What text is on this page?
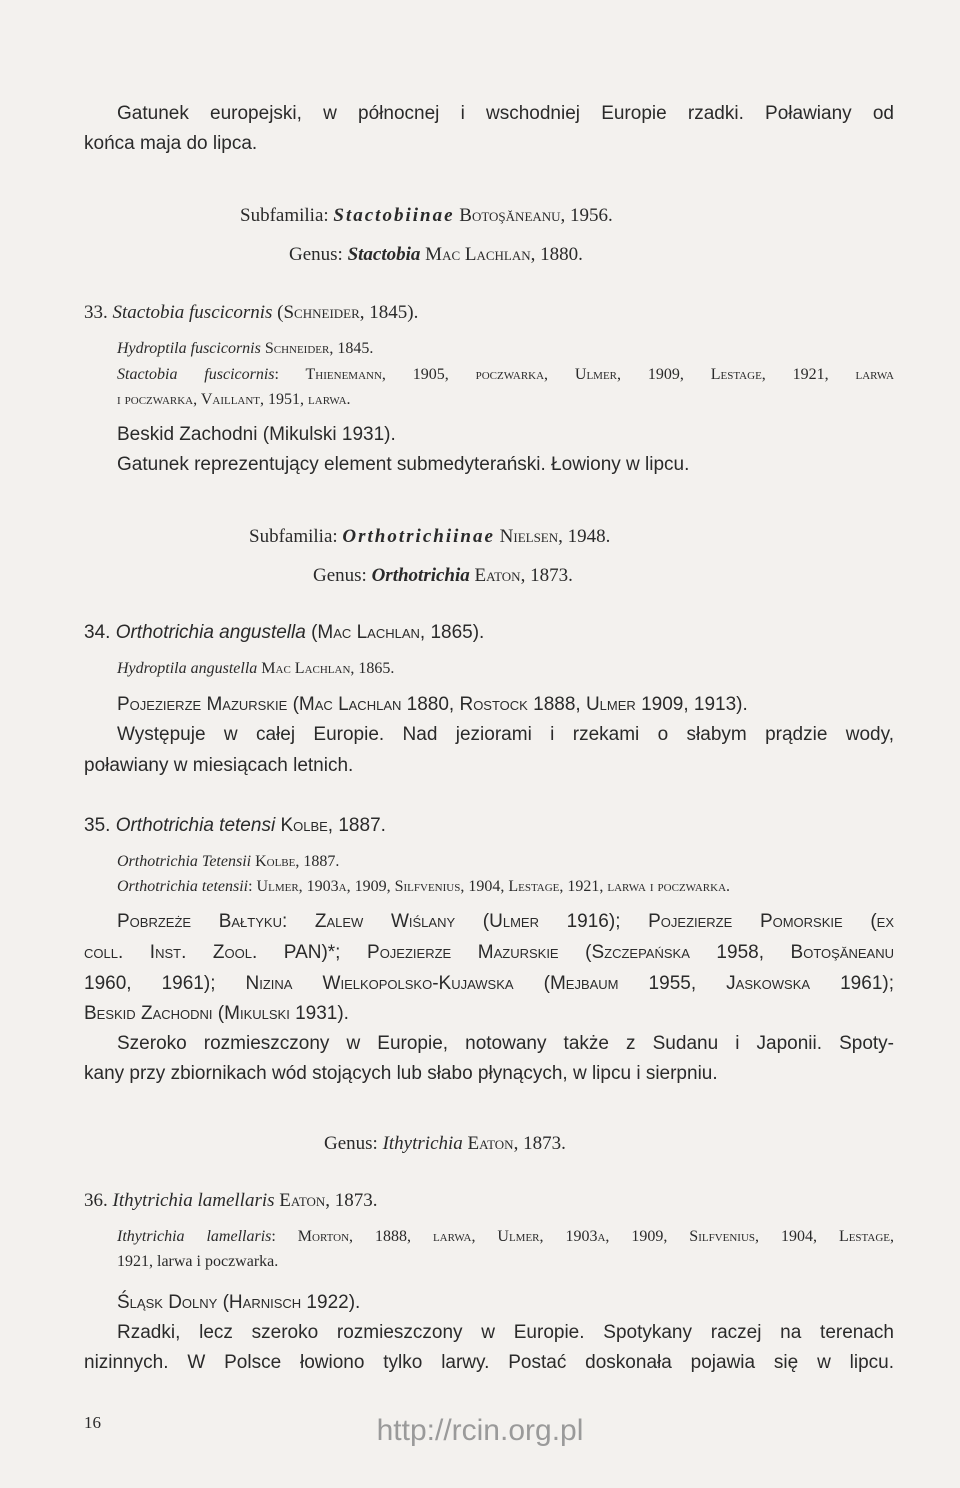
Gatunek europejski, w północnej i wschodniej Europie rzadki. Poławiany od
końca maja do lipca.
Subfamilia: Stactobiinae Botoşăneanu, 1956.
Genus: Stactobia Mac Lachlan, 1880.
33. Stactobia fuscicornis (Schneider, 1845).
Hydroptila fuscicornis Schneider, 1845.
Stactobia fuscicornis: Thienemann, 1905, poczwarka, Ulmer, 1909, Lestage, 1921, larwa
i poczwarka, Vaillant, 1951, larwa.
Beskid Zachodni (Mikulski 1931).
Gatunek reprezentujący element submedyterański. Łowiony w lipcu.
Subfamilia: Orthotrichiinae Nielsen, 1948.
Genus: Orthotrichia Eaton, 1873.
34. Orthotrichia angustella (Mac Lachlan, 1865).
Hydroptila angustella Mac Lachlan, 1865.
Pojezierze Mazurskie (Mac Lachlan 1880, Rostock 1888, Ulmer 1909, 1913).
Występuje w całej Europie. Nad jeziorami i rzekami o słabym prądzie wody,
poławiany w miesiącach letnich.
35. Orthotrichia tetensi Kolbe, 1887.
Orthotrichia Tetensii Kolbe, 1887.
Orthotrichia tetensii: Ulmer, 1903a, 1909, Silfvenius, 1904, Lestage, 1921, larwa i poczwarka.
Pobrzeże Bałtyku: Zalew Wiślany (Ulmer 1916); Pojezierze Pomorskie (ex
coll. Inst. Zool. PAN)*; Pojezierze Mazurskie (Szczepańska 1958, Botoşăneanu
1960, 1961); Nizina Wielkopolsko-Kujawska (Mejbaum 1955, Jaskowska 1961);
Beskid Zachodni (Mikulski 1931).
Szeroko rozmieszczony w Europie, notowany także z Sudanu i Japonii. Spoty-
kany przy zbiornikach wód stojących lub słabo płynących, w lipcu i sierpniu.
Genus: Ithytrichia Eaton, 1873.
36. Ithytrichia lamellaris Eaton, 1873.
Ithytrichia lamellaris: Morton, 1888, larwa, Ulmer, 1903a, 1909, Silfvenius, 1904, Lestage,
1921, larwa i poczwarka.
Śląsk Dolny (Harnisch 1922).
Rzadki, lecz szeroko rozmieszczony w Europie. Spotykany raczej na terenach
nizinnych. W Polsce łowiono tylko larwy. Postać doskonała pojawia się w lipcu.
16	http://rcin.org.pl
